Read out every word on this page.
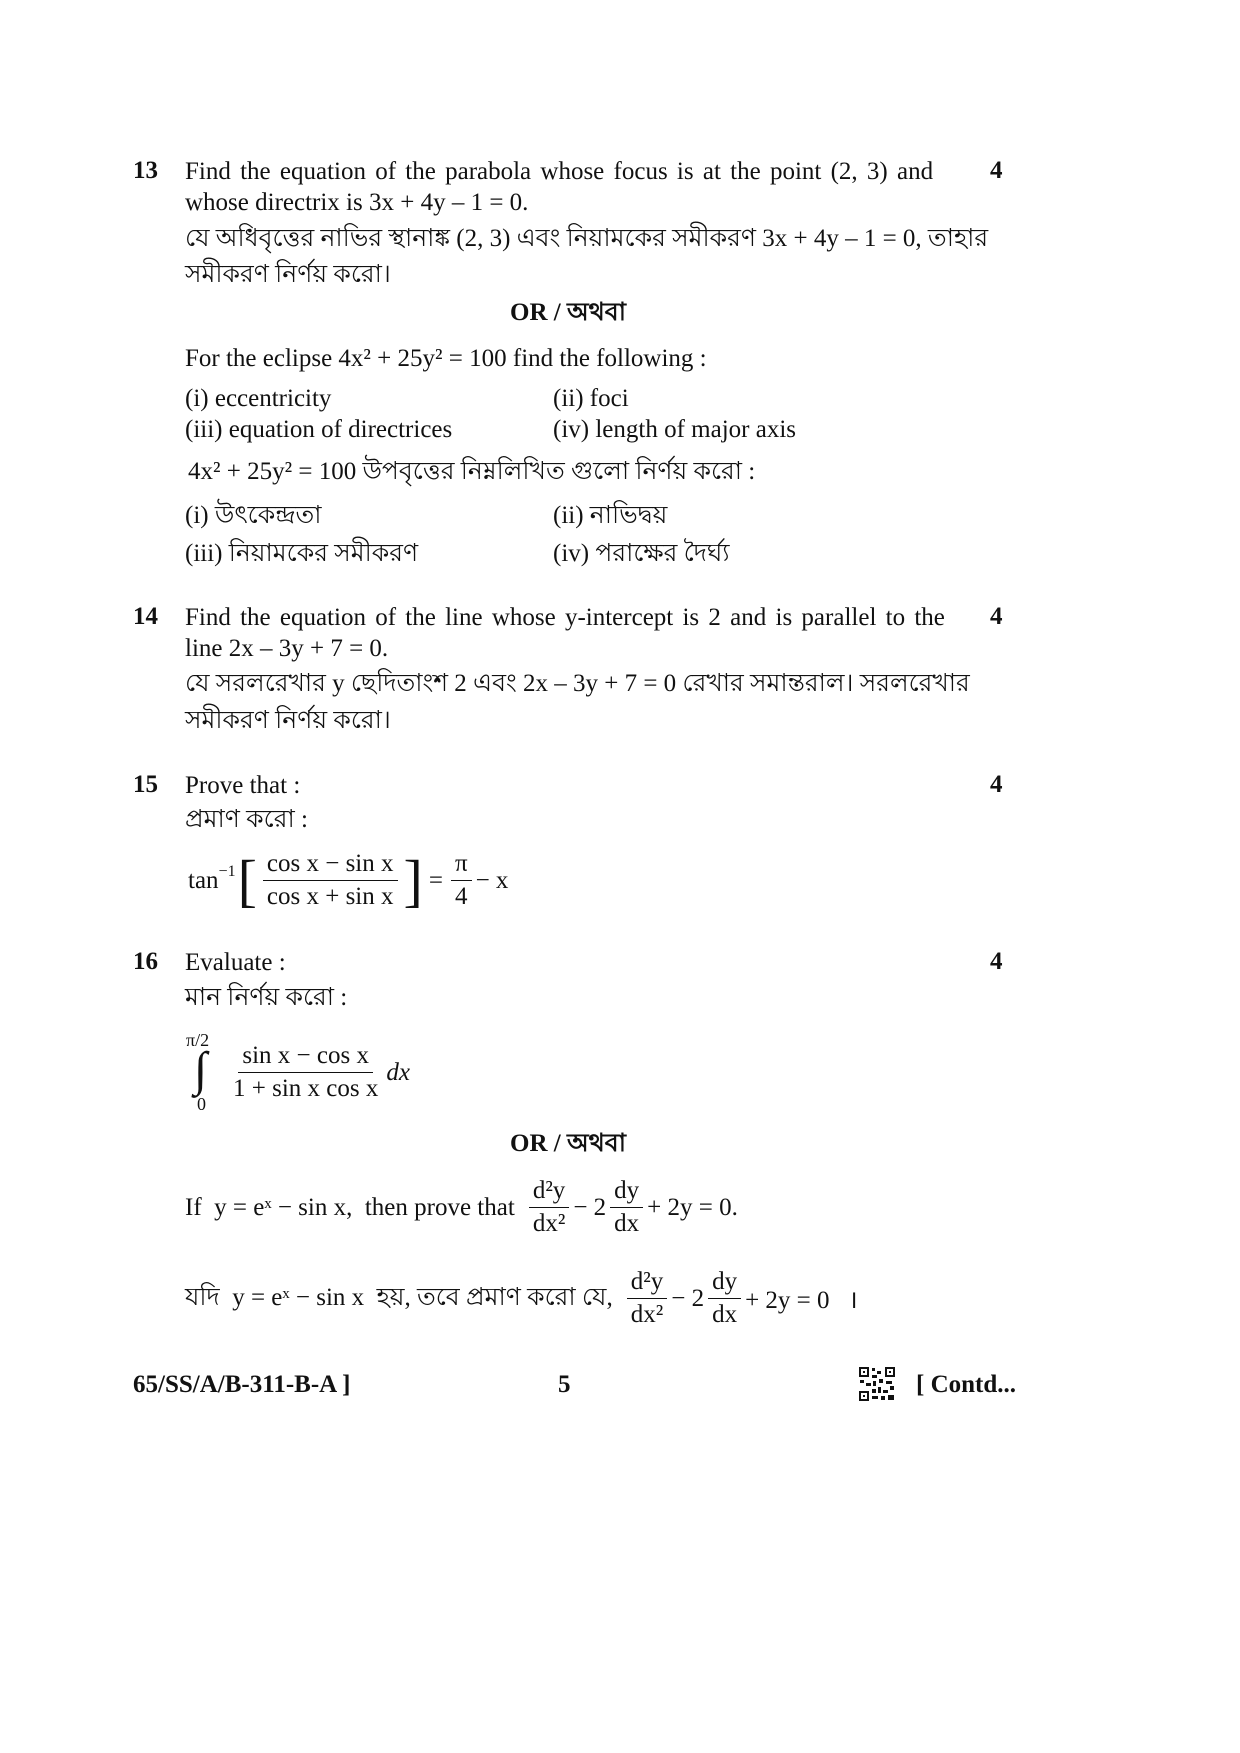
13	4
Find the equation of the parabola whose focus is at the point (2, 3) and
whose directrix is 3x + 4y – 1 = 0.
যে অধিবৃত্তের নাভির স্থানাঙ্ক (2, 3) এবং নিয়ামকের সমীকরণ 3x + 4y – 1 = 0, তাহার
সমীকরণ নির্ণয় করো।
OR / অথবা
For the eclipse 4x² + 25y² = 100 find the following :
(i) eccentricity	(ii) foci
(iii) equation of directrices	(iv) length of major axis
4x² + 25y² = 100 উপবৃত্তের নিম্নলিখিত গুলো নির্ণয় করো :
(i) উৎকেন্দ্রতা	(ii) নাভিদ্বয়
(iii) নিয়ামকের সমীকরণ	(iv) পরাক্ষের দৈর্ঘ্য
14	4
Find the equation of the line whose y-intercept is 2 and is parallel to the
line 2x – 3y + 7 = 0.
যে সরলরেখার y ছেদিতাংশ 2 এবং 2x – 3y + 7 = 0 রেখার সমান্তরাল। সরলরেখার
সমীকরণ নির্ণয় করো।
15	4
Prove that :
প্রমাণ করো :
$\tan^{-1}$ [ $\frac{\text{cos x − sin x}}{\text{cos x + sin x}}$ ] = $\frac{\pi}{4} - x$
16	4
Evaluate :
মান নির্ণয় করো :
π/2
∫
$0 \frac{\text{sin x − cos x}}{\text{1 + sin x cos x}}$ dx
OR / অথবা
If  y = eˣ − sin x,  then prove that $\frac{\text{d²y}}{\text{dx²}} - 2 \frac{dy}{dx} + 2y = 0$.
যদি  y = eˣ − sin x  হয়, তবে প্রমাণ করো যে, $\frac{\text{d²y}}{\text{dx²}} - 2 \frac{dy}{dx} + 2y = 0$   ।
65/SS/A/B-311-B-A ]	5	[ Contd...
